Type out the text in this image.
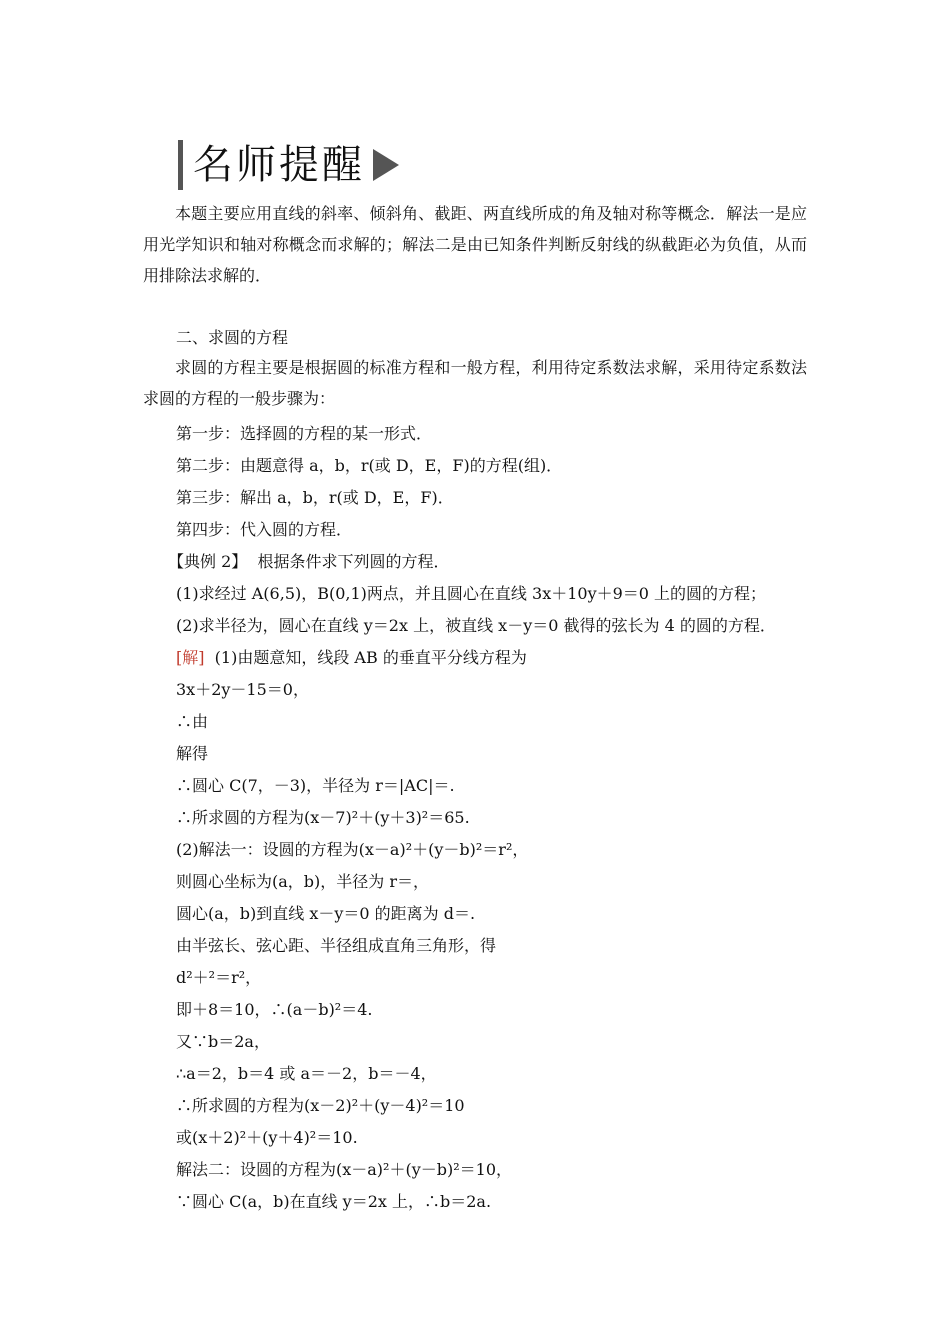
名师提醒

本题主要应用直线的斜率、倾斜角、截距、两直线所成的角及轴对称等概念．解法一是应用光学知识和轴对称概念而求解的；解法二是由已知条件判断反射线的纵截距必为负值，从而用排除法求解的．

二、求圆的方程

求圆的方程主要是根据圆的标准方程和一般方程，利用待定系数法求解，采用待定系数法求圆的方程的一般步骤为：

第一步：选择圆的方程的某一形式．
第二步：由题意得 a，b，r(或 D，E，F)的方程(组)．
第三步：解出 a，b，r(或 D，E，F)．
第四步：代入圆的方程．
【典例 2】 根据条件求下列圆的方程．
(1)求经过 A(6,5)，B(0,1)两点，并且圆心在直线 3x＋10y＋9＝0 上的圆的方程；
(2)求半径为，圆心在直线 y＝2x 上，被直线 x－y＝0 截得的弦长为 4 的圆的方程．
[解] (1)由题意知，线段 AB 的垂直平分线方程为
3x＋2y－15＝0，
∴由
解得
∴圆心 C(7，－3)，半径为 r＝|AC|＝.
∴所求圆的方程为(x－7)²＋(y＋3)²＝65.
(2)解法一：设圆的方程为(x－a)²＋(y－b)²＝r²，
则圆心坐标为(a，b)，半径为 r＝，
圆心(a，b)到直线 x－y＝0 的距离为 d＝.
由半弦长、弦心距、半径组成直角三角形，得
d²＋²＝r²，
即＋8＝10，∴(a－b)²＝4.
又∵b＝2a，
∴a＝2，b＝4 或 a＝－2，b＝－4，
∴所求圆的方程为(x－2)²＋(y－4)²＝10
或(x＋2)²＋(y＋4)²＝10.
解法二：设圆的方程为(x－a)²＋(y－b)²＝10，
∵圆心 C(a，b)在直线 y＝2x 上，∴b＝2a.
